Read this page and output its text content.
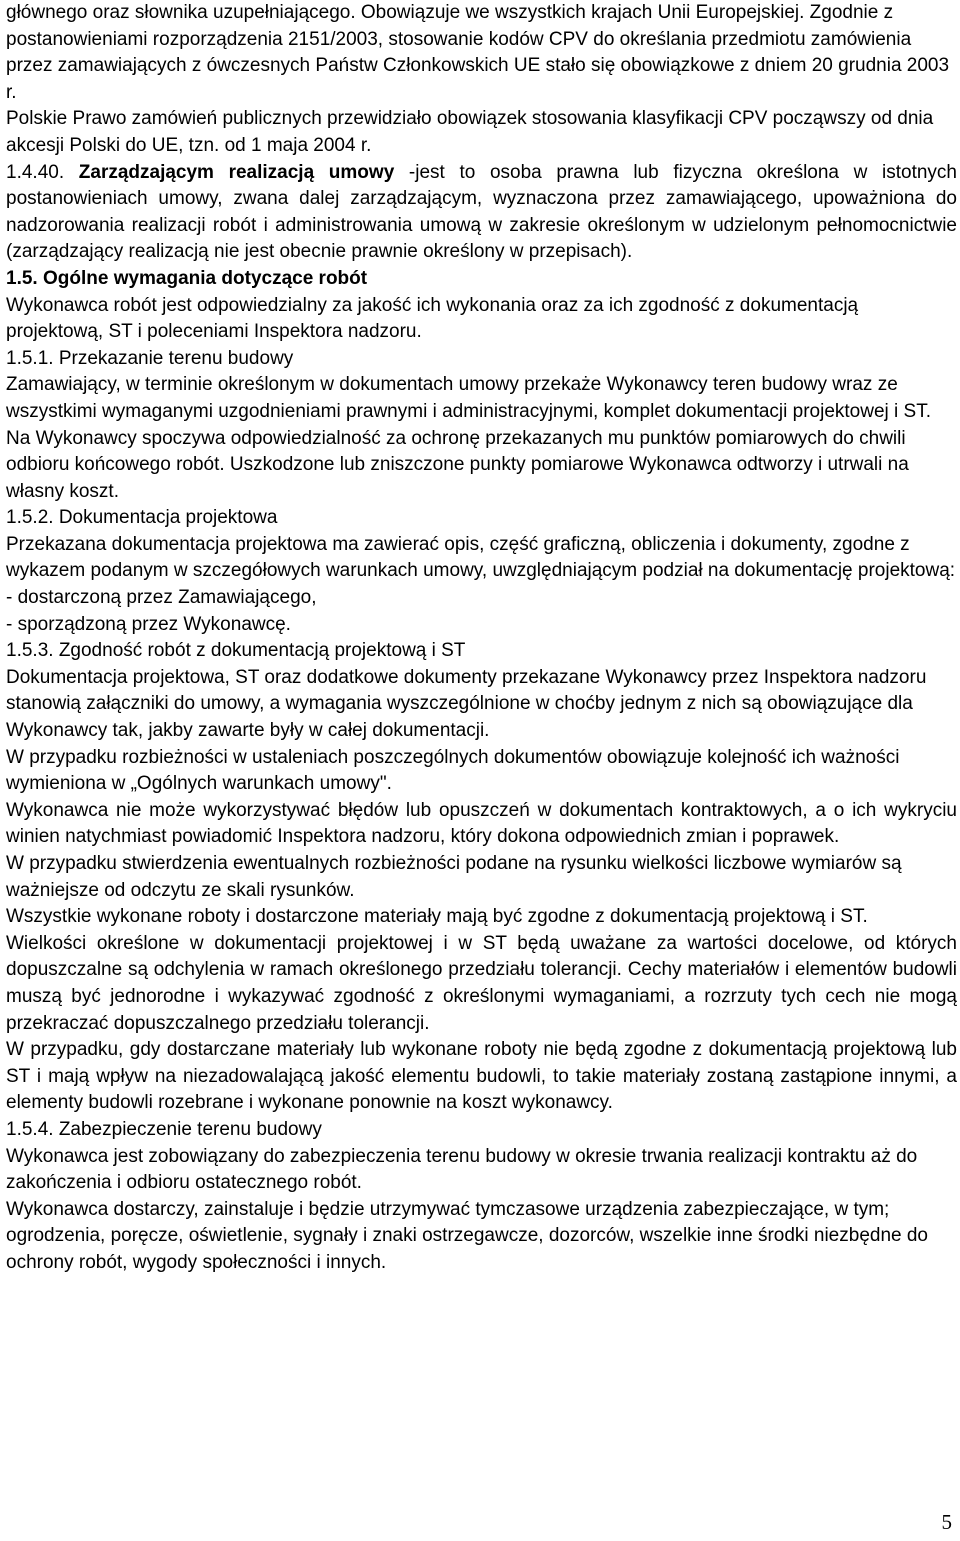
głównego oraz słownika uzupełniającego. Obowiązuje we wszystkich krajach Unii Europejskiej. Zgodnie z postanowieniami rozporządzenia 2151/2003, stosowanie kodów CPV do określania przedmiotu zamówienia przez zamawiających z ówczesnych Państw Członkowskich UE stało się obowiązkowe z dniem 20 grudnia 2003 r.

Polskie Prawo zamówień publicznych przewidziało obowiązek stosowania klasyfikacji CPV począwszy od dnia akcesji Polski do UE, tzn. od 1 maja 2004 r.

1.4.40. Zarządzającym realizacją umowy -jest to osoba prawna lub fizyczna określona w istotnych postanowieniach umowy, zwana dalej zarządzającym, wyznaczona przez zamawiającego, upoważniona do nadzorowania realizacji robót i administrowania umową w zakresie określonym w udzielonym pełnomocnictwie (zarządzający realizacją nie jest obecnie prawnie określony w przepisach).

1.5. Ogólne wymagania dotyczące robót

Wykonawca robót jest odpowiedzialny za jakość ich wykonania oraz za ich zgodność z dokumentacją projektową, ST i poleceniami Inspektora nadzoru.

1.5.1. Przekazanie terenu budowy

Zamawiający, w terminie określonym w dokumentach umowy przekaże Wykonawcy teren budowy wraz ze wszystkimi wymaganymi uzgodnieniami prawnymi i administracyjnymi, komplet dokumentacji projektowej i ST.

Na Wykonawcy spoczywa odpowiedzialność za ochronę przekazanych mu punktów pomiarowych do chwili odbioru końcowego robót. Uszkodzone lub zniszczone punkty pomiarowe Wykonawca odtworzy i utrwali na własny koszt.

1.5.2. Dokumentacja projektowa

Przekazana dokumentacja projektowa ma zawierać opis, część graficzną, obliczenia i dokumenty, zgodne z wykazem podanym w szczegółowych warunkach umowy, uwzględniającym podział na dokumentację projektową:

- dostarczoną przez Zamawiającego,

- sporządzoną przez Wykonawcę.

1.5.3. Zgodność robót z dokumentacją projektową i ST

Dokumentacja projektowa, ST oraz dodatkowe dokumenty przekazane Wykonawcy przez Inspektora nadzoru stanowią załączniki do umowy, a wymagania wyszczególnione w choćby jednym z nich są obowiązujące dla Wykonawcy tak, jakby zawarte były w całej dokumentacji.

W przypadku rozbieżności w ustaleniach poszczególnych dokumentów obowiązuje kolejność ich ważności wymieniona w „Ogólnych warunkach umowy".

Wykonawca nie może wykorzystywać błędów lub opuszczeń w dokumentach kontraktowych, a o ich wykryciu winien natychmiast powiadomić Inspektora nadzoru, który dokona odpowiednich zmian i poprawek.

W przypadku stwierdzenia ewentualnych rozbieżności podane na rysunku wielkości liczbowe wymiarów są ważniejsze od odczytu ze skali rysunków.

Wszystkie wykonane roboty i dostarczone materiały mają być zgodne z dokumentacją projektową i ST.

Wielkości określone w dokumentacji projektowej i w ST będą uważane za wartości docelowe, od których dopuszczalne są odchylenia w ramach określonego przedziału tolerancji. Cechy materiałów i elementów budowli muszą być jednorodne i wykazywać zgodność z określonymi wymaganiami, a rozrzuty tych cech nie mogą przekraczać dopuszczalnego przedziału tolerancji.

W przypadku, gdy dostarczane materiały lub wykonane roboty nie będą zgodne z dokumentacją projektową lub ST i mają wpływ na niezadowalającą jakość elementu budowli, to takie materiały zostaną zastąpione innymi, a elementy budowli rozebrane i wykonane ponownie na koszt wykonawcy.

1.5.4. Zabezpieczenie terenu budowy

Wykonawca jest zobowiązany do zabezpieczenia terenu budowy w okresie trwania realizacji kontraktu aż do zakończenia i odbioru ostatecznego robót.

Wykonawca dostarczy, zainstaluje i będzie utrzymywać tymczasowe urządzenia zabezpieczające, w tym; ogrodzenia, poręcze, oświetlenie, sygnały i znaki ostrzegawcze, dozorców, wszelkie inne środki niezbędne do ochrony robót, wygody społeczności i innych.

5
